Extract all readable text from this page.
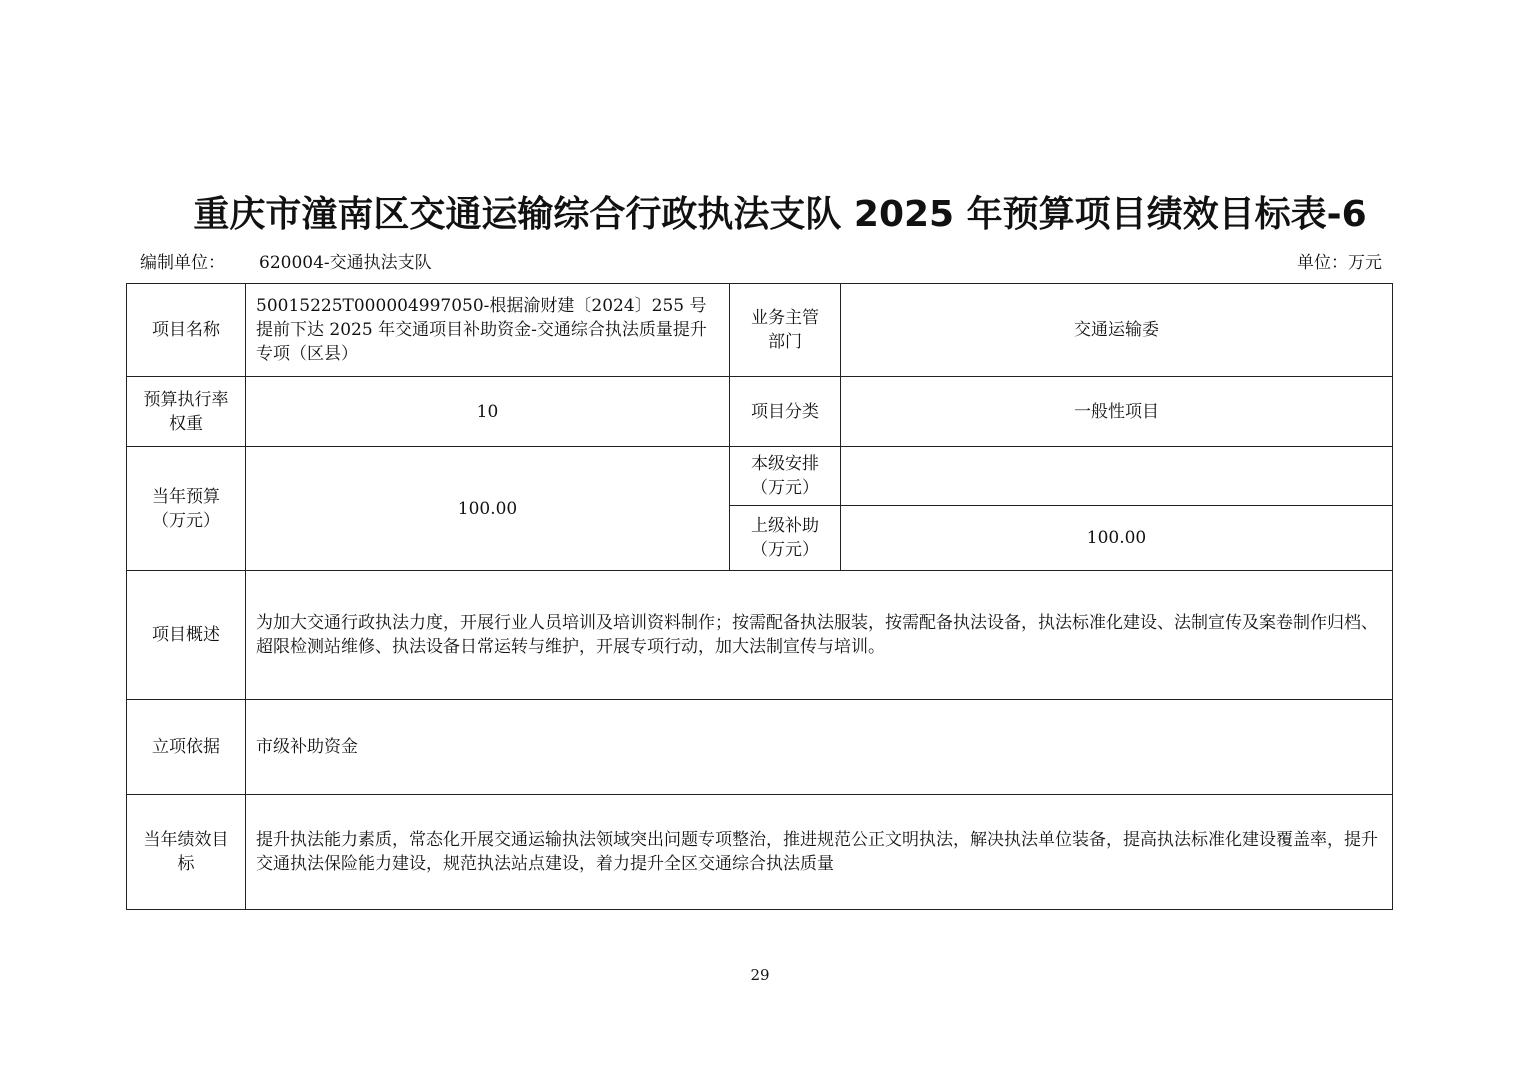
重庆市潼南区交通运输综合行政执法支队 2025 年预算项目绩效目标表-6
编制单位： 620004-交通执法支队	单位：万元
项目名称	50015225T000004997050-根据渝财建〔2024〕255 号提前下达 2025 年交通项目补助资金-交通综合执法质量提升专项（区县）	业务主管部门	交通运输委
预算执行率权重	10	项目分类	一般性项目
当年预算（万元）	100.00	本级安排（万元）	
		上级补助（万元）	100.00
项目概述	为加大交通行政执法力度，开展行业人员培训及培训资料制作；按需配备执法服装，按需配备执法设备，执法标准化建设、法制宣传及案卷制作归档、超限检测站维修、执法设备日常运转与维护，开展专项行动，加大法制宣传与培训。		
立项依据	市级补助资金		
当年绩效目标	提升执法能力素质，常态化开展交通运输执法领域突出问题专项整治，推进规范公正文明执法，解决执法单位装备，提高执法标准化建设覆盖率，提升交通执法保险能力建设，规范执法站点建设，着力提升全区交通综合执法质量		
29
